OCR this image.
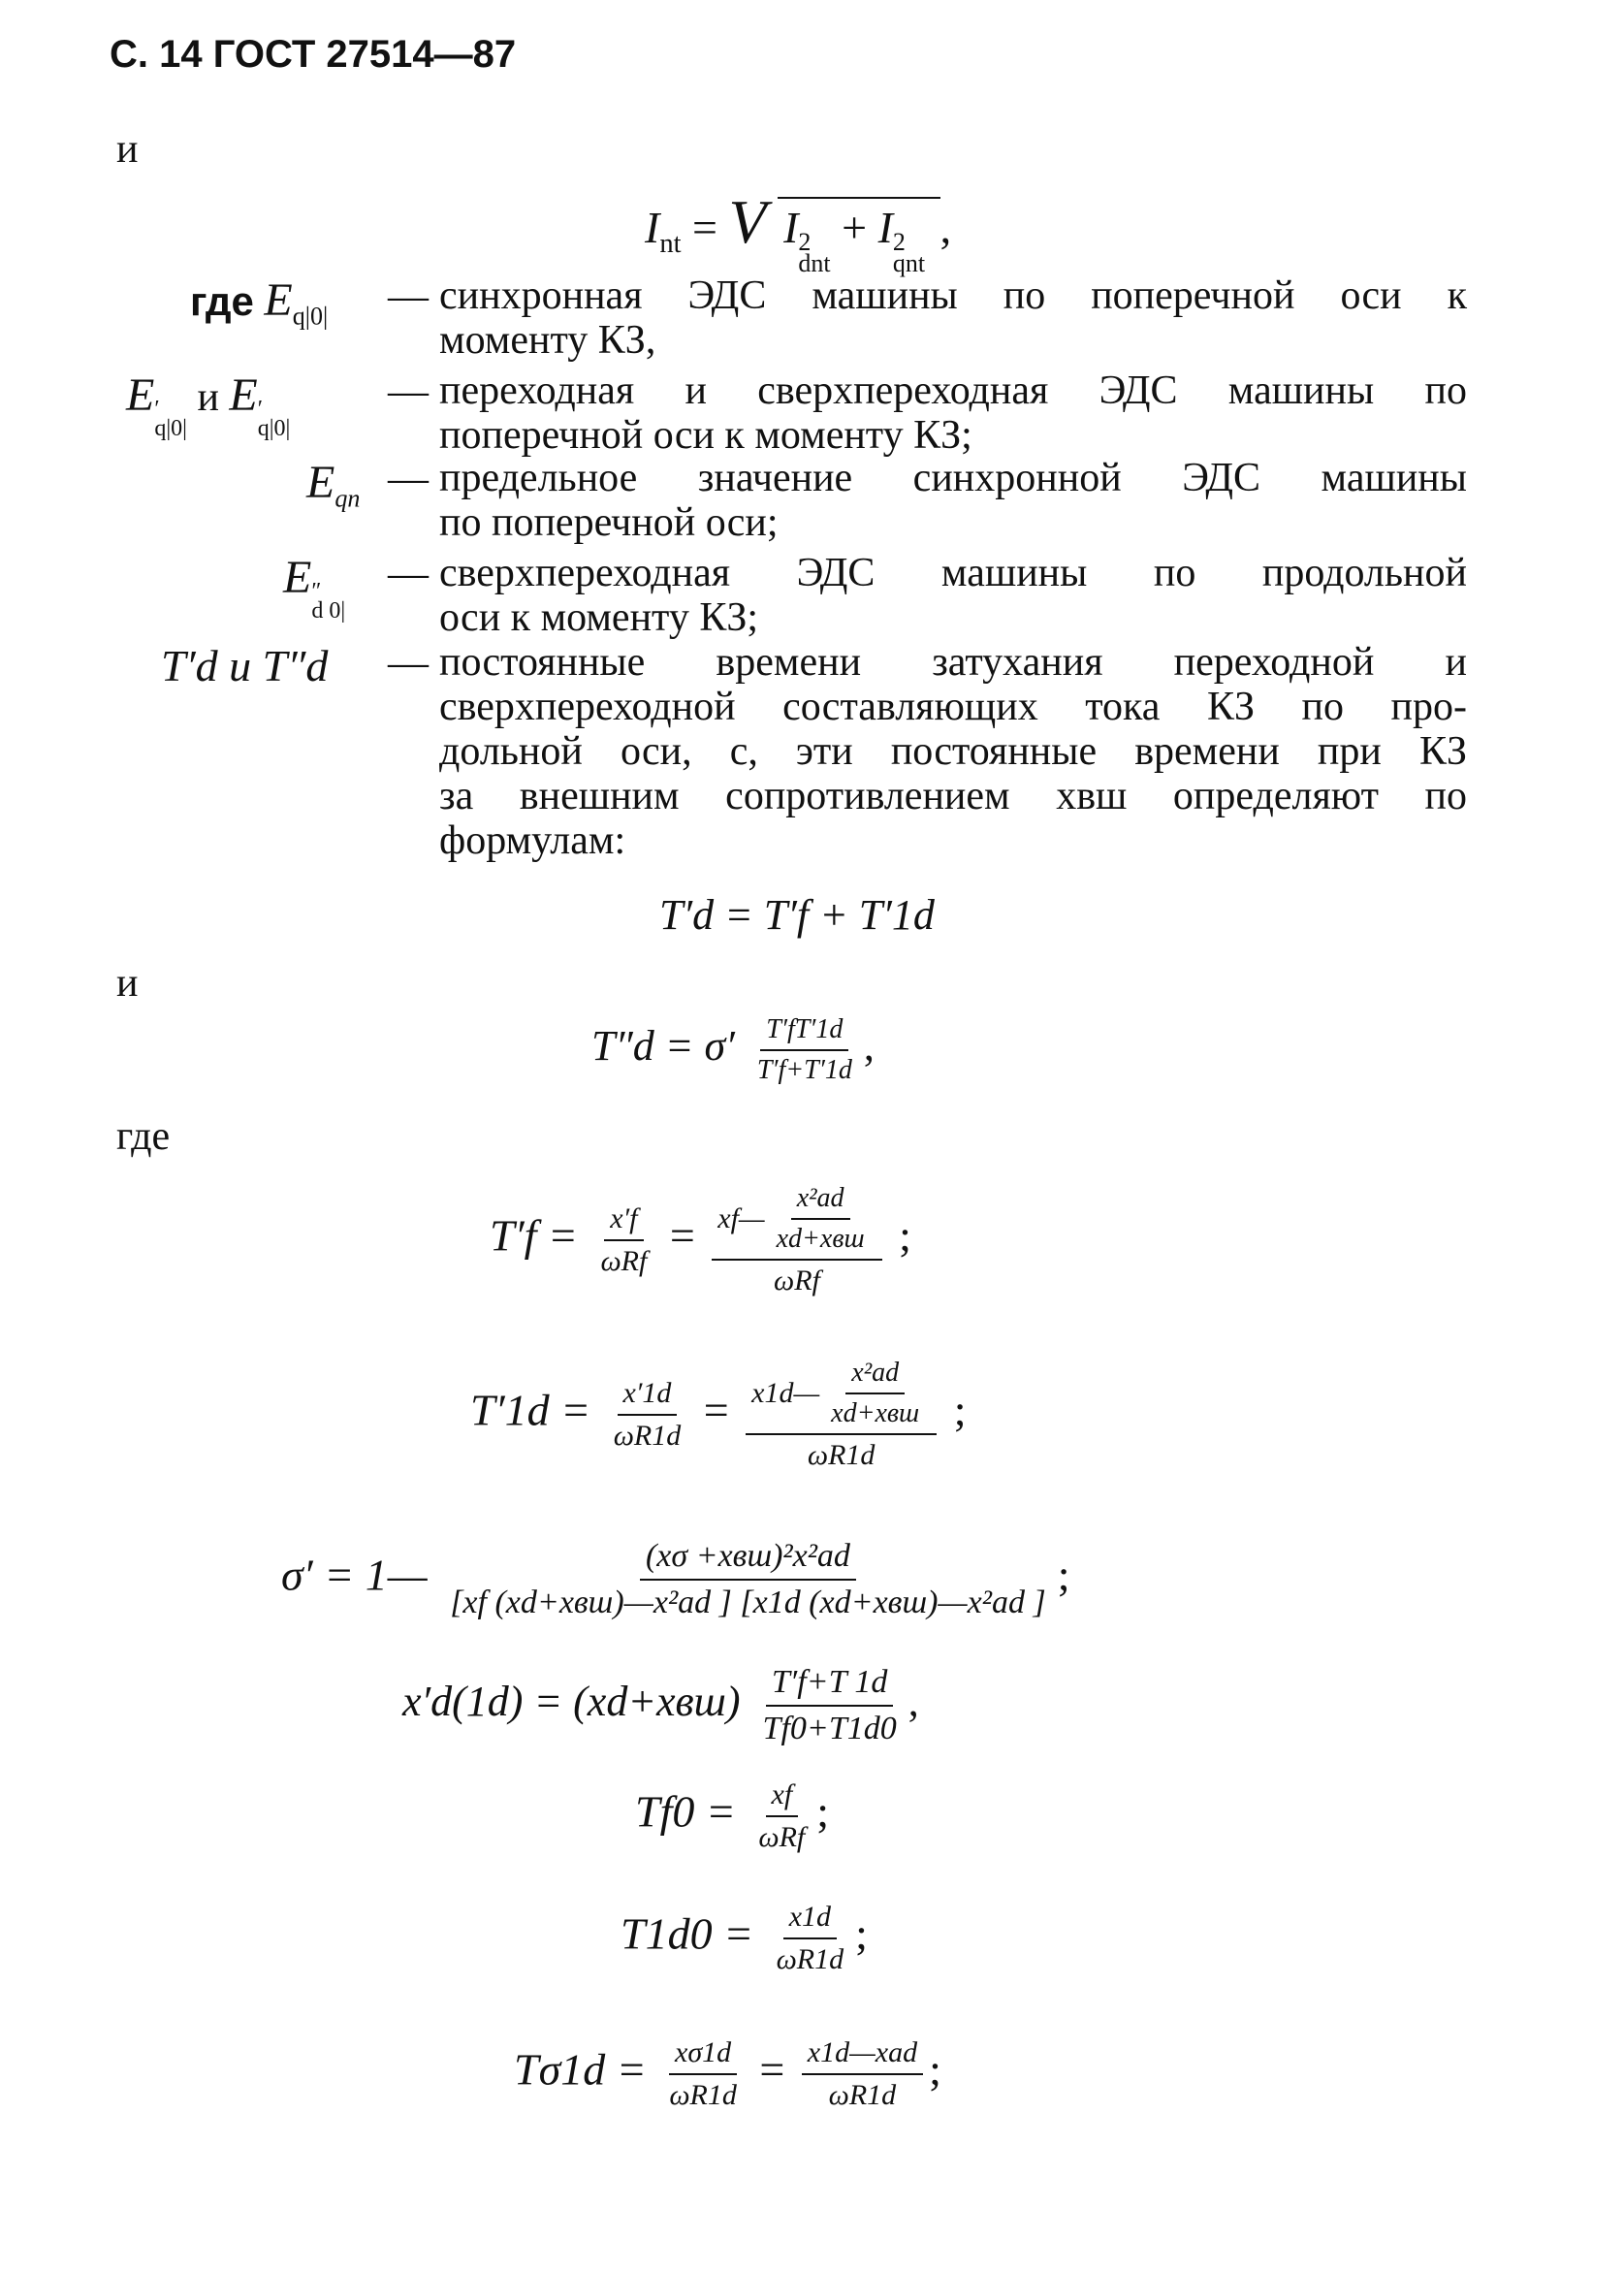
С. 14 ГОСТ 27514—87
и
$I_{nt} = V$ I 2
dnt
+ I 2
qnt
,
где $E_{q|0|}$ — синхронная ЭДС машины по поперечной оси к
моменту КЗ,
E ′
q|0|
и E ′
q|0|
— переходная и сверхпереходная ЭДС машины по
поперечной оси к моменту КЗ;
$E_{qп}$ — предельное значение синхронной ЭДС машины
по поперечной оси;
E ″
d 0|
— сверхпереходная ЭДС машины по продольной
оси к моменту КЗ;
T′d и T″d — постоянные времени затухания переходной и
сверхпереходной составляющих тока КЗ по про-
дольной оси, с, эти постоянные времени при КЗ
за внешним сопротивлением xвш определяют по
формулам:
T′d = T′f + T′1d
и
$T''d = \sigma' \frac{T'fT'1d}{T'f+T'1d}$ ,
где
$T'f = \frac{x'f}{\text{ωRf}} = \frac{xf— \frac{\text{x²ad}}{\text{xd+xвш}}}{\text{ωRf}}$ ;
$T'1d = \frac{x'1d}{\omega R1d} = \frac{x1d— \frac{\text{x²ad}}{\text{xd+xвш}}}{\omega R1d}$ ;
σ′ = 1— $\frac{\text{(xσ +xвш)²x²ad}}{\text{[xf (xd+xвш)—x²ad ] [x1d (xd+xвш)—x²ad ]}}$ ;
$x'd(1d) = (xd+xвш) \frac{T'f+T 1d}{Tf0+T1d0}$ ,
$Tf0 = \frac{xf}{\text{ωRf}}$ ;
$T1d0 = \frac{x1d}{\omega R1d}$ ;
$T\sigma 1d = \frac{x\sigma 1d}{\omega R1d} = \frac{\text{x1d—xad}}{\omega R1d}$ ;
